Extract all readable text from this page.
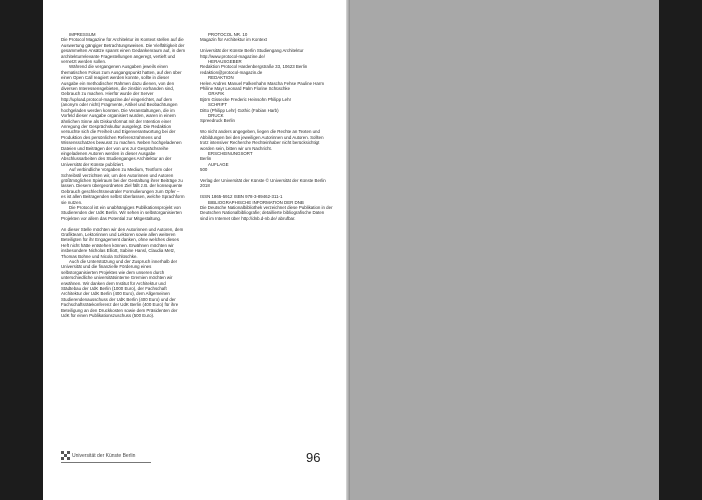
IMPRESSUM

Die Protocol Magazine für Architektur im Kontext stellen auf die Auswertung gängiger Betrachtungsweisen. Die Vielfältigkeit der gesammelten Ansätze spannt einen Gedankenraum auf, in dem architekturrelevante Fragestellungen angeregt, vertieft und vernetzt werden sollen.

Während die vergangenen Ausgaben jeweils einen thematischen Fokus zum Ausgangspunkt hatten, auf den über einen Open Call reagiert werden konnte, sollte in dieser Ausgabe ein methodischer Rahmen dazu dienen, von den diversen Interessensgebieten, die zinsbin vorhanden sind, Gebrauch zu machen. Hierfür wurde der Server http://upload.protocol-magazine.de/ eingerichtet, auf dem (anonym oder nicht) Fragmente, Artikel und Beobachtungen hochgeladen werden konnten. Die Veranstaltungen, die im Vorfeld dieser Ausgabe organisiert wurden, waren in einem ähnlichen Sinne als Diskursformat mit der Intention einer Anregung der Gesprächskultur ausgelegt. Die Redaktion versuchte sich die Freiheit und Eigenverantwortung bei der Produktion des persönlichen Referenzrahmens und Wissensschatzes bewusst zu machen. Neben hochgeladenen Dateien und Beiträgen der von uns zur Gesprächsreihe eingeladenen Autoren werden in dieser Ausgabe Abschlussarbeiten des Studienganges Architektur an der Universität der Künste publiziert.

Auf verbindliche Vorgaben zu Medium, Textform oder Schreibstil verzichten wir, um den Autorinnen und Autoren größtmöglichen Spielraum bei der Gestaltung ihrer Beiträge zu lassen. Diesem übergeordneten Ziel fällt z.B. der konsequente Gebrauch geschlechtsneutraler Formulierungen zum Opfer – es ist allen Beitragenden selbst überlassen, welche Sprachform sie nutzen.

Die Protocol ist ein unabhängiges Publikationsprojekt von Studierenden der UdK Berlin. Wir sehen in selbstorganisierten Projekten vor allem das Potential zur Mitgestaltung.

An dieser Stelle möchten wir den Autorinnen und Autoren, dem Grafikteam, Lektorinnen und Lektoren sowie allen weiteren Beteiligten für ihr Engagement danken, ohne welches dieses Heft nicht hätte entstehen können. Erwähnen möchten wir insbesondere Nicholas Elliott, Sabine Hansl, Claudia Metz, Thomas Bohne und Nicola Schlüschke.

Auch die Unterstützung und der Zuspruch innerhalb der Universität und die finanzielle Förderung eines selbstorganisierten Projektes wie dem unseren durch unterschiedliche universitätsinterne Gremien möchten wir erwähnen. Wir danken dem Institut für Architektur und Städtebau der UdK Berlin (1000 Euro), der Fachschaft Architektur der UdK Berlin (400 Euro), dem Allgemeinen Studierendenausschuss der UdK Berlin (400 Euro) und der Fachschaftsrätekonferenz der UdK Berlin (400 Euro) für ihre Beteiligung an den Druckkosten sowie dem Präsidenten der UdK für einen Publikationszuschuss (500 Euro).

PROTOCOL NR. 10

Magazin für Architektur im Kontext

Universität der Künste Berlin Studiengang Architektur http://www.protocol-magazine.de/

HERAUSGEBER

Redaktion Protocol Hardenbergstraße 33, 10623 Berlin redaktion@protocol-magazin.de

REDAKTION

Helen Andres Manuel Falkenhahn Mascha Fehse Pauline Harm Philine Mayr Leonard Palm Florine Schüschke

GRAFIK

Björn Gissecke Frederic Heinsohn Philipp Lehr

SCHRIFT

Ditto (Philipp Lehr) Gothic (Fabian Harb)

DRUCK

Spreedruck Berlin

Wo nicht anders angegeben, liegen die Rechte an Texten und Abbildungen bei den jeweiligen Autorinnen und Autoren. Sollten trotz intensiver Recherche Rechteinhaber nicht berücksichtigt worden sein, bitten wir um Nachricht.

ERSCHEINUNGSORT

Berlin

AUFLAGE

500

Verlag der Universität der Künste © Universität der Künste Berlin 2018

ISSN 1865-5912 ISBN 978-3-89462-311-1

BIBLIOGRAPHISCHE INFORMATION DER DNB

Die Deutsche Nationalbibliothek verzeichnet diese Publikation in der Deutschen Nationalbibliografie; detaillierte bibliografische Daten sind im Internet über http://dnb.d-nb.de/ abrufbar.

Universität der Künste Berlin	96
